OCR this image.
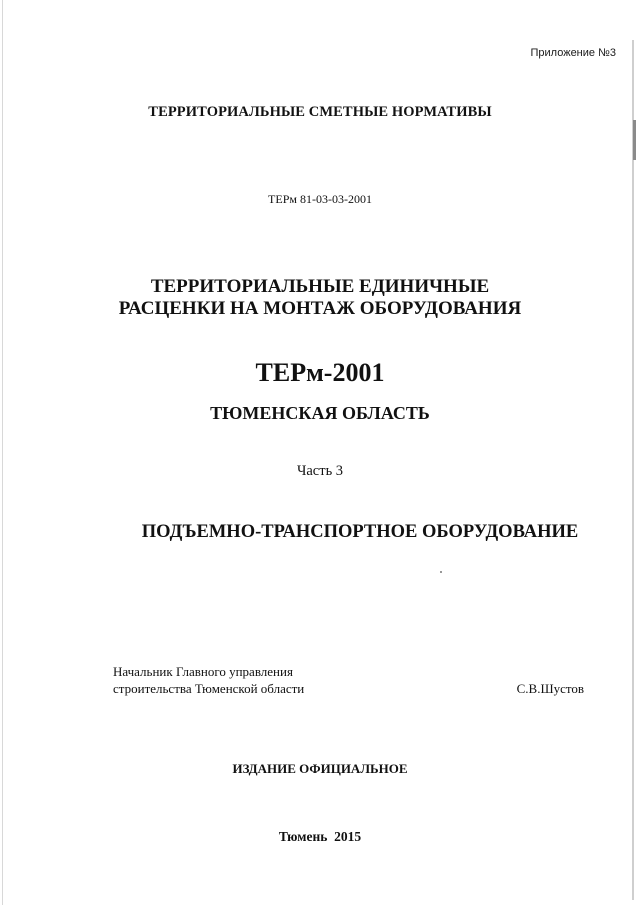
Приложение №3
ТЕРРИТОРИАЛЬНЫЕ СМЕТНЫЕ НОРМАТИВЫ
ТЕРм 81-03-03-2001
ТЕРРИТОРИАЛЬНЫЕ ЕДИНИЧНЫЕ
РАСЦЕНКИ НА МОНТАЖ ОБОРУДОВАНИЯ
ТЕРм-2001
ТЮМЕНСКАЯ ОБЛАСТЬ
Часть 3
ПОДЪЕМНО-ТРАНСПОРТНОЕ ОБОРУДОВАНИЕ
Начальник Главного управления
строительства Тюменской области	С.В.Шустов
ИЗДАНИЕ ОФИЦИАЛЬНОЕ
Тюмень  2015
